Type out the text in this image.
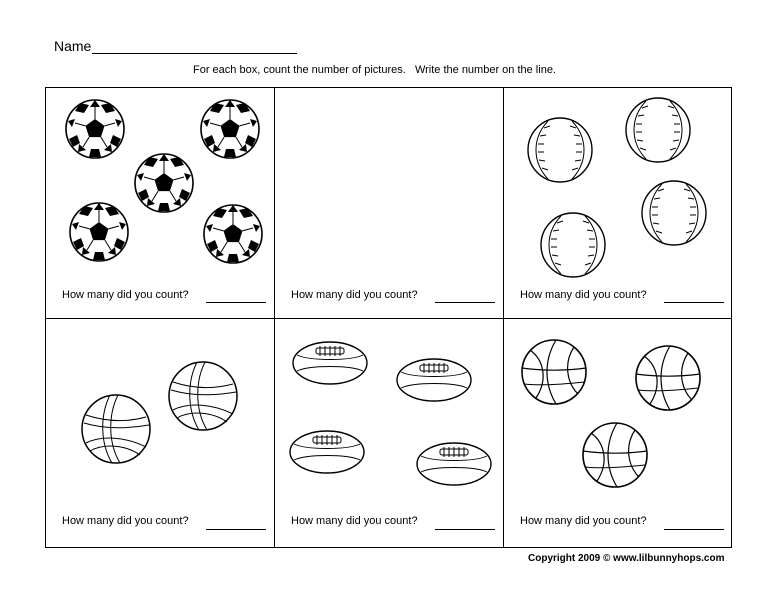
Name
For each box, count the number of pictures.   Write the number on the line.
How many did you count?	How many did you count?	How many did you count?
How many did you count?	How many did you count?	How many did you count?
Copyright 2009 © www.lilbunnyhops.com
